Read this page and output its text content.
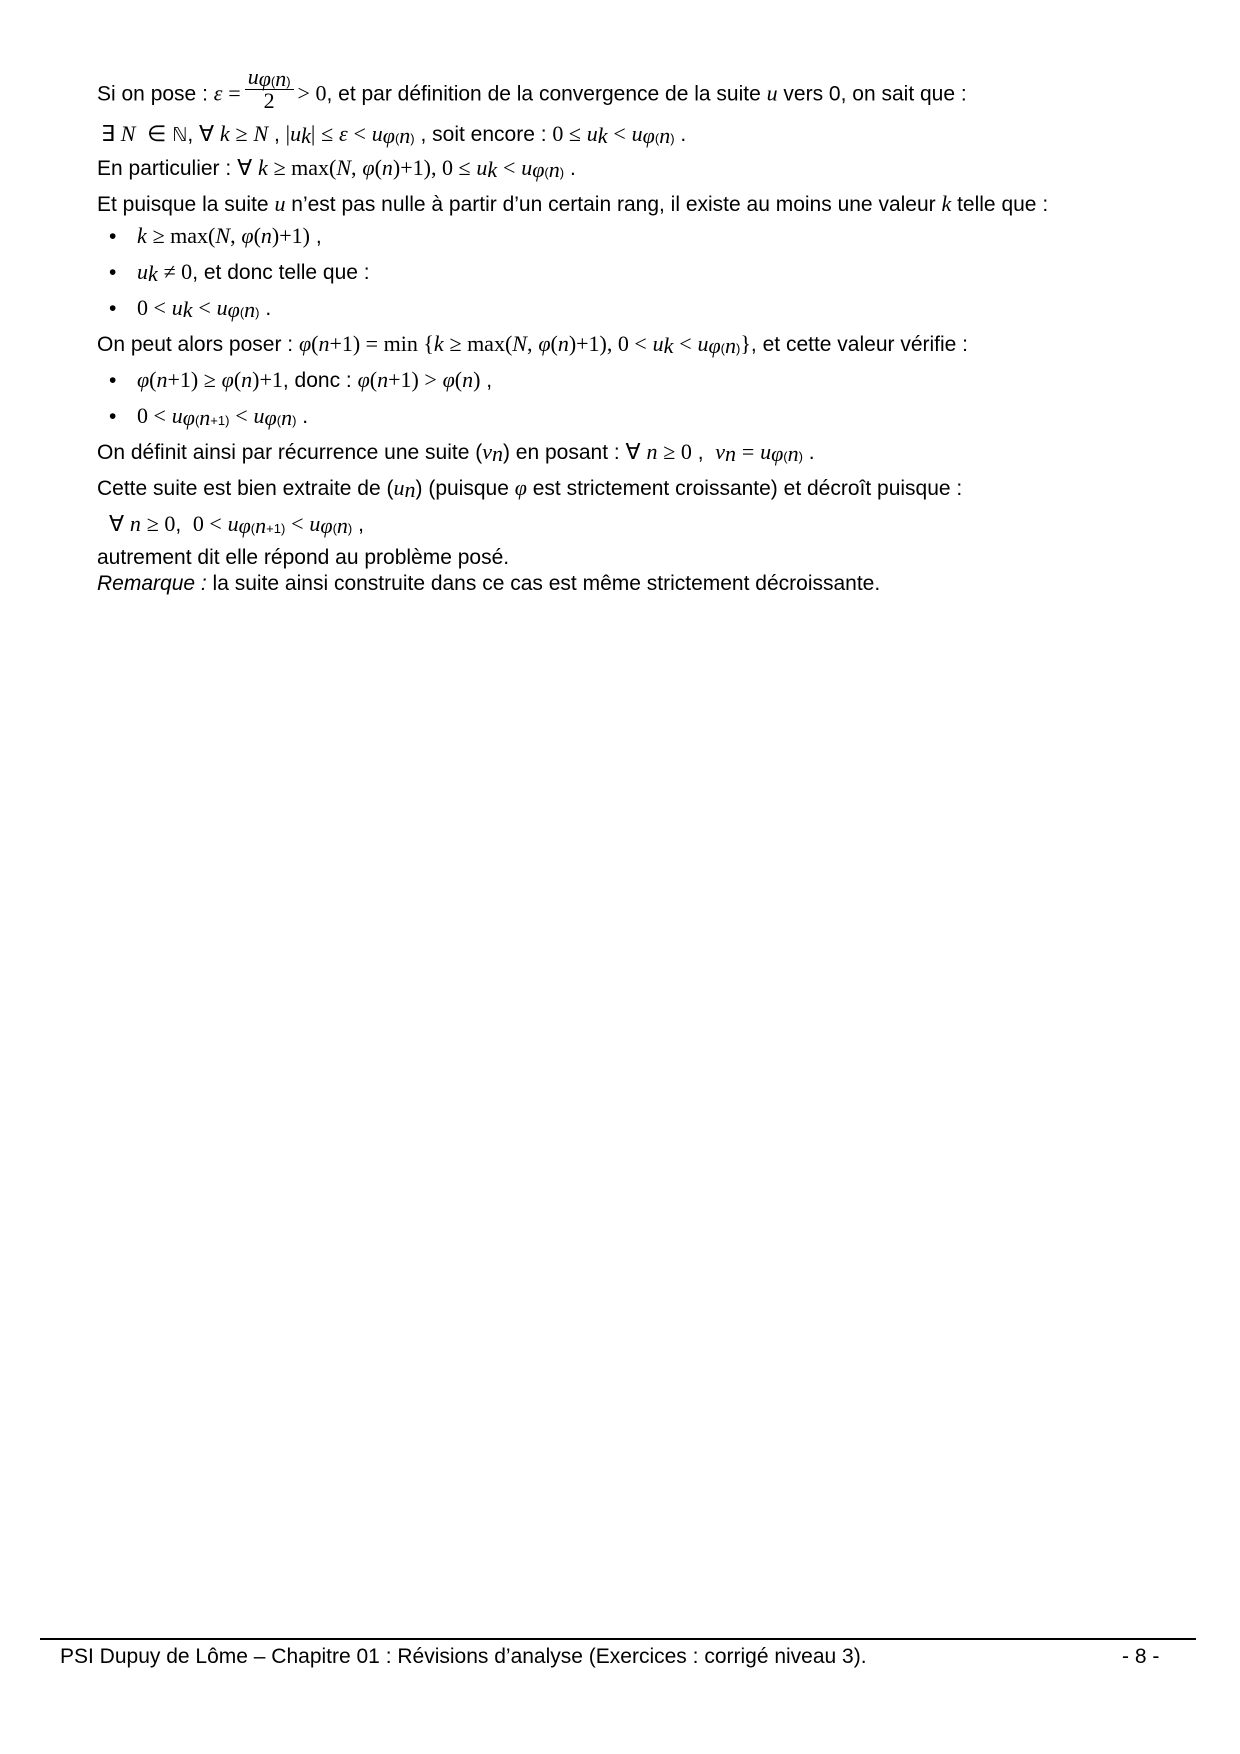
Si on pose : $\varepsilon = \frac{u_{\varphi(n)}}{2} > 0$, et par définition de la convergence de la suite u vers 0, on sait que :
∃ N ∈ ℕ, ∀ k ≥ N , $|u_k| \le \varepsilon < u_{\varphi(n)}$ , soit encore : $0 \le u_k < u_{\varphi(n)}$ .
En particulier : ∀ k ≥ max(N, φ(n)+1), $0 \le u_k < u_{\varphi(n)}$ .
Et puisque la suite u n’est pas nulle à partir d’un certain rang, il existe au moins une valeur k telle que :
• k ≥ max(N, φ(n)+1) ,
• $u_k \ne 0$, et donc telle que :
• $0 < u_k < u_{\varphi(n)}$ .
On peut alors poser : φ(n+1) = min {k ≥ max(N, φ(n)+1), $0 < u_k < u_{\varphi(n)}$}, et cette valeur vérifie :
• φ(n+1) ≥ φ(n)+1, donc : φ(n+1) > φ(n) ,
• $0 < u_{\varphi(n+1)} < u_{\varphi(n)}$ .
On définit ainsi par récurrence une suite $(v_n)$ en posant : ∀ n ≥ 0 ,  $v_n = u_{\varphi(n)}$ .
Cette suite est bien extraite de $(u_n)$ (puisque φ est strictement croissante) et décroît puisque :
∀ n ≥ 0,  $0 < u_{\varphi(n+1)} < u_{\varphi(n)}$ ,
autrement dit elle répond au problème posé.
Remarque : la suite ainsi construite dans ce cas est même strictement décroissante.
PSI Dupuy de Lôme – Chapitre 01 : Révisions d’analyse (Exercices : corrigé niveau 3).	- 8 -
